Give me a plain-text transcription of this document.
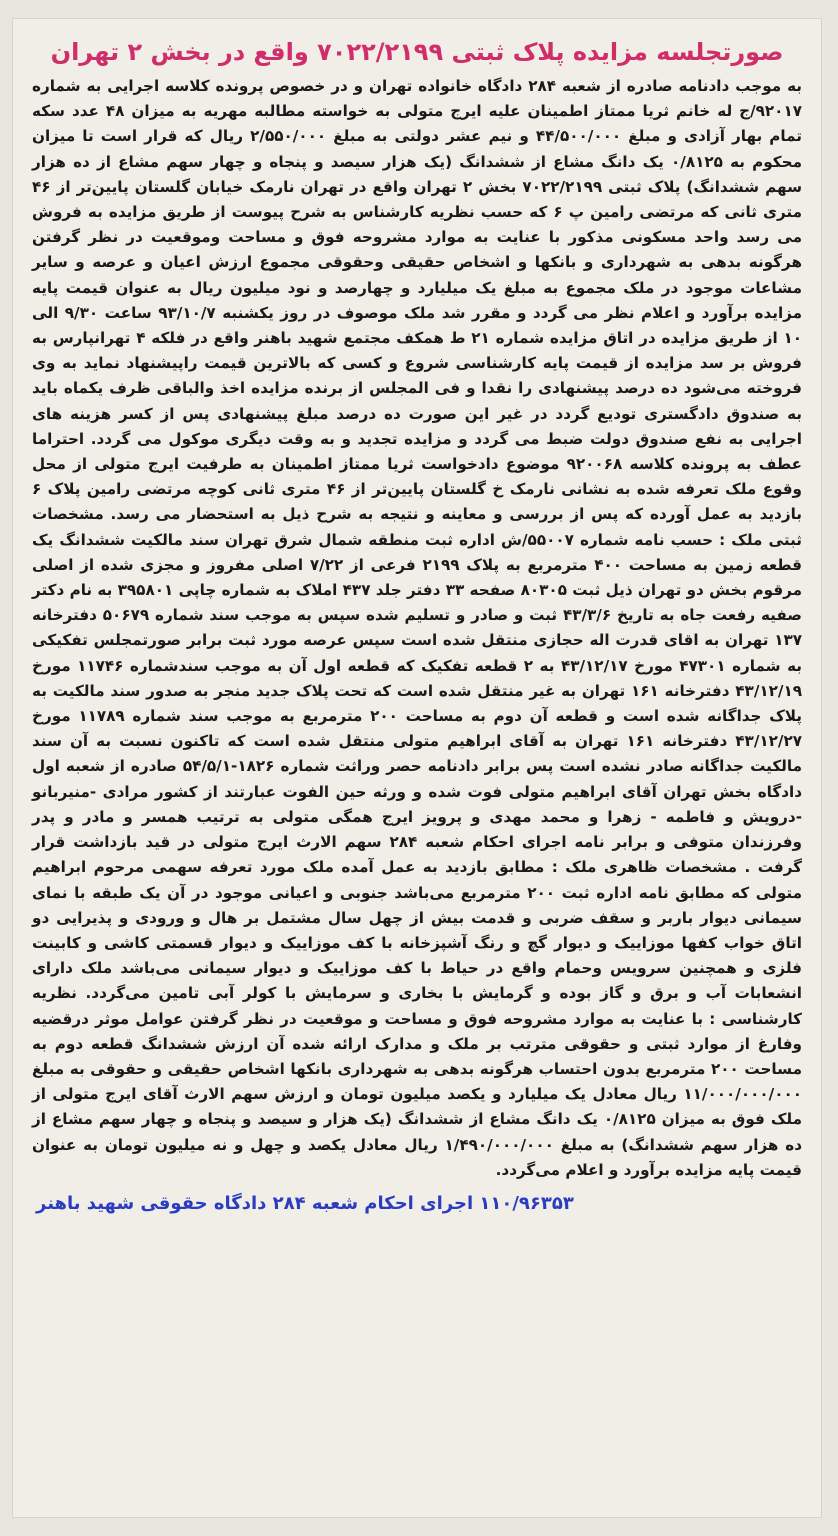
صورتجلسه مزایده پلاک ثبتی ۷۰۲۲/۲۱۹۹ واقع در بخش ۲ تهران

به موجب دادنامه صادره از شعبه ۲۸۴ دادگاه خانواده تهران و در خصوص پرونده کلاسه اجرایی به شماره ۹۲۰۱۷/ج له خانم ثریا ممتاز اطمینان علیه ایرج متولی به خواسته مطالبه مهریه به میزان ۴۸ عدد سکه تمام بهار آزادی و مبلغ ۴۴/۵۰۰/۰۰۰ و نیم عشر دولتی به مبلغ ۲/۵۵۰/۰۰۰ ریال که قرار است تا میزان محکوم به ۰/۸۱۲۵ یک دانگ مشاع از ششدانگ (یک هزار سیصد و پنجاه و چهار سهم مشاع از ده هزار سهم ششدانگ) پلاک ثبتی ۷۰۲۲/۲۱۹۹ بخش ۲ تهران واقع در تهران نارمک خیابان گلستان پایین‌تر از ۴۶ متری ثانی که مرتضی رامین پ ۶ که حسب نظریه کارشناس به شرح پیوست از طریق مزایده به فروش می رسد واحد مسکونی مذکور با عنایت به موارد مشروحه فوق و مساحت وموقعیت در نظر گرفتن هرگونه بدهی به شهرداری و بانکها و اشخاص حقیقی وحقوقی مجموع ارزش اعیان و عرصه و سایر مشاعات موجود در ملک مجموع به مبلغ یک میلیارد و چهارصد و نود میلیون ریال به عنوان قیمت پایه مزایده برآورد و اعلام نظر می گردد و مقرر شد ملک موصوف در روز یکشنبه ۹۳/۱۰/۷ ساعت ۹/۳۰ الی ۱۰ از طریق مزایده در اتاق مزایده شماره ۲۱ ط همکف مجتمع شهید باهنر واقع در فلکه ۴ تهرانپارس به فروش بر سد مزایده از قیمت پایه کارشناسی شروع و کسی که بالاترین قیمت راپیشنهاد نماید به وی فروخته می‌شود ده درصد پیشنهادی را نقدا و فی المجلس از برنده مزایده اخذ والباقی ظرف یکماه باید به صندوق دادگستری تودیع گردد در غیر این صورت ده درصد مبلغ پیشنهادی پس از کسر هزینه های اجرایی به نفع صندوق دولت ضبط می گردد و مزایده تجدید و به وقت دیگری موکول می گردد. احتراما عطف به پرونده کلاسه ۹۲۰۰۶۸ موضوع دادخواست ثریا ممتاز اطمینان به طرفیت ایرج متولی از محل وقوع ملک تعرفه شده به نشانی نارمک خ گلستان پایین‌تر از ۴۶ متری ثانی کوچه مرتضی رامین پلاک ۶ بازدید به عمل آورده که پس از بررسی و معاینه و نتیجه به شرح ذیل به استحضار می رسد. مشخصات ثبتی ملک : حسب نامه شماره ۵۵۰۰۷/ش اداره ثبت منطقه شمال شرق تهران سند مالکیت ششدانگ یک قطعه زمین به مساحت ۴۰۰ مترمربع به پلاک ۲۱۹۹ فرعی از ۷/۲۲ اصلی مفروز و مجزی شده از اصلی مرقوم بخش دو تهران ذیل ثبت ۸۰۳۰۵ صفحه ۳۳ دفتر جلد ۴۳۷ املاک به شماره چاپی ۳۹۵۸۰۱ به نام دکتر صفیه رفعت جاه به تاریخ ۴۳/۳/۶ ثبت و صادر و تسلیم شده سپس به موجب سند شماره ۵۰۶۷۹ دفترخانه ۱۳۷ تهران به اقای قدرت اله حجازی منتقل شده است سپس عرصه مورد ثبت برابر صورتمجلس تفکیکی به شماره ۴۷۳۰۱ مورخ ۴۳/۱۲/۱۷ به ۲ قطعه تفکیک که قطعه اول آن به موجب سندشماره ۱۱۷۴۶ مورخ ۴۳/۱۲/۱۹ دفترخانه ۱۶۱ تهران به غیر منتقل شده است که تحت پلاک جدید منجر به صدور سند مالکیت به پلاک جداگانه شده است و قطعه آن دوم به مساحت ۲۰۰ مترمربع به موجب سند شماره ۱۱۷۸۹ مورخ ۴۳/۱۲/۲۷ دفترخانه ۱۶۱ تهران به آقای ابراهیم متولی منتقل شده است که تاکنون نسبت به آن سند مالکیت جداگانه صادر نشده است پس برابر دادنامه حصر وراثت شماره ۱۸۲۶-۵۴/۵/۱ صادره از شعبه اول دادگاه بخش تهران آقای ابراهیم متولی فوت شده و ورثه حین الفوت عبارتند از کشور مرادی -منیربانو -درویش و فاطمه - زهرا و محمد مهدی و پرویز ایرج همگی متولی به ترتیب همسر و مادر و پدر وفرزندان متوفی و برابر نامه اجرای احکام شعبه ۲۸۴ سهم الارث ایرج متولی در قید بازداشت قرار گرفت . مشخصات ظاهری ملک : مطابق بازدید به عمل آمده ملک مورد تعرفه سهمی مرحوم ابراهیم متولی که مطابق نامه اداره ثبت ۲۰۰ مترمربع می‌باشد جنوبی و اعیانی موجود در آن یک طبقه با نمای سیمانی دیوار باربر و سقف ضربی و قدمت بیش از چهل سال مشتمل بر هال و ورودی و پذیرایی دو اتاق خواب کفها موزاییک و دیوار گچ و رنگ آشپزخانه با کف موزاییک و دیوار قسمتی کاشی و کابینت فلزی و همچنین سرویس وحمام واقع در حیاط با کف موزاییک و دیوار سیمانی می‌باشد ملک دارای انشعابات آب و برق و گاز بوده و گرمایش با بخاری و سرمایش با کولر آبی تامین می‌گردد. نظریه کارشناسی : با عنایت به موارد مشروحه فوق و مساحت و موقعیت در نظر گرفتن عوامل موثر درقضیه وفارغ از موارد ثبتی و حقوقی مترتب بر ملک و مدارک ارائه شده آن ارزش ششدانگ قطعه دوم به مساحت ۲۰۰ مترمربع بدون احتساب هرگونه بدهی به شهرداری بانکها اشخاص حقیقی و حقوقی به مبلغ ۱۱/۰۰۰/۰۰۰/۰۰۰ ریال معادل یک میلیارد و یکصد میلیون تومان و ارزش سهم الارث آقای ایرج متولی از ملک فوق به میزان ۰/۸۱۲۵ یک دانگ مشاع از ششدانگ (یک هزار و سیصد و پنجاه و چهار سهم مشاع از ده هزار سهم ششدانگ) به مبلغ ۱/۴۹۰/۰۰۰/۰۰۰ ریال معادل یکصد و چهل و نه میلیون تومان به عنوان قیمت پایه مزایده برآورد و اعلام می‌گردد.

۱۱۰/۹۶۳۵۳ اجرای احکام شعبه ۲۸۴ دادگاه حقوقی شهید باهنر
